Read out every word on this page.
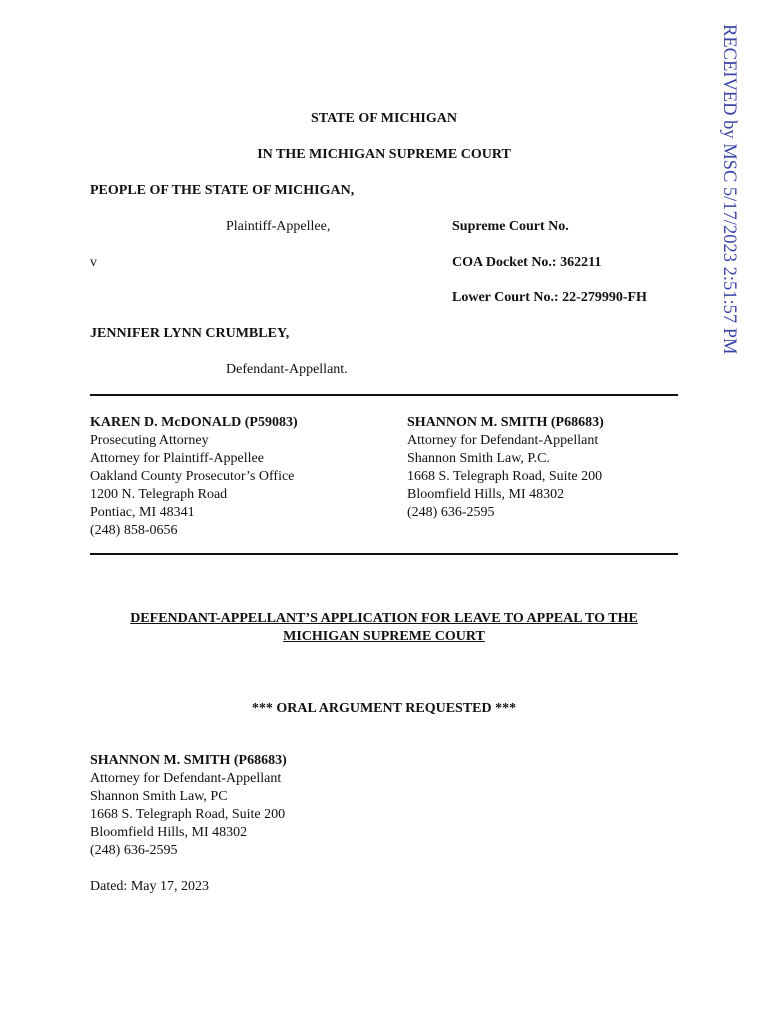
STATE OF MICHIGAN
IN THE MICHIGAN SUPREME COURT
PEOPLE OF THE STATE OF MICHIGAN,
Plaintiff-Appellee,	Supreme Court No.
v	COA Docket No.: 362211
Lower Court No.: 22-279990-FH
JENNIFER LYNN CRUMBLEY,
Defendant-Appellant.
KAREN D. McDONALD (P59083)
Prosecuting Attorney
Attorney for Plaintiff-Appellee
Oakland County Prosecutor’s Office
1200 N. Telegraph Road
Pontiac, MI 48341
(248) 858-0656
SHANNON M. SMITH (P68683)
Attorney for Defendant-Appellant
Shannon Smith Law, P.C.
1668 S. Telegraph Road, Suite 200
Bloomfield Hills, MI 48302
(248) 636-2595
DEFENDANT-APPELLANT’S APPLICATION FOR LEAVE TO APPEAL TO THE
MICHIGAN SUPREME COURT
*** ORAL ARGUMENT REQUESTED ***
SHANNON M. SMITH (P68683)
Attorney for Defendant-Appellant
Shannon Smith Law, PC
1668 S. Telegraph Road, Suite 200
Bloomfield Hills, MI 48302
(248) 636-2595
Dated: May 17, 2023
RECEIVED by MSC 5/17/2023 2:51:57 PM
